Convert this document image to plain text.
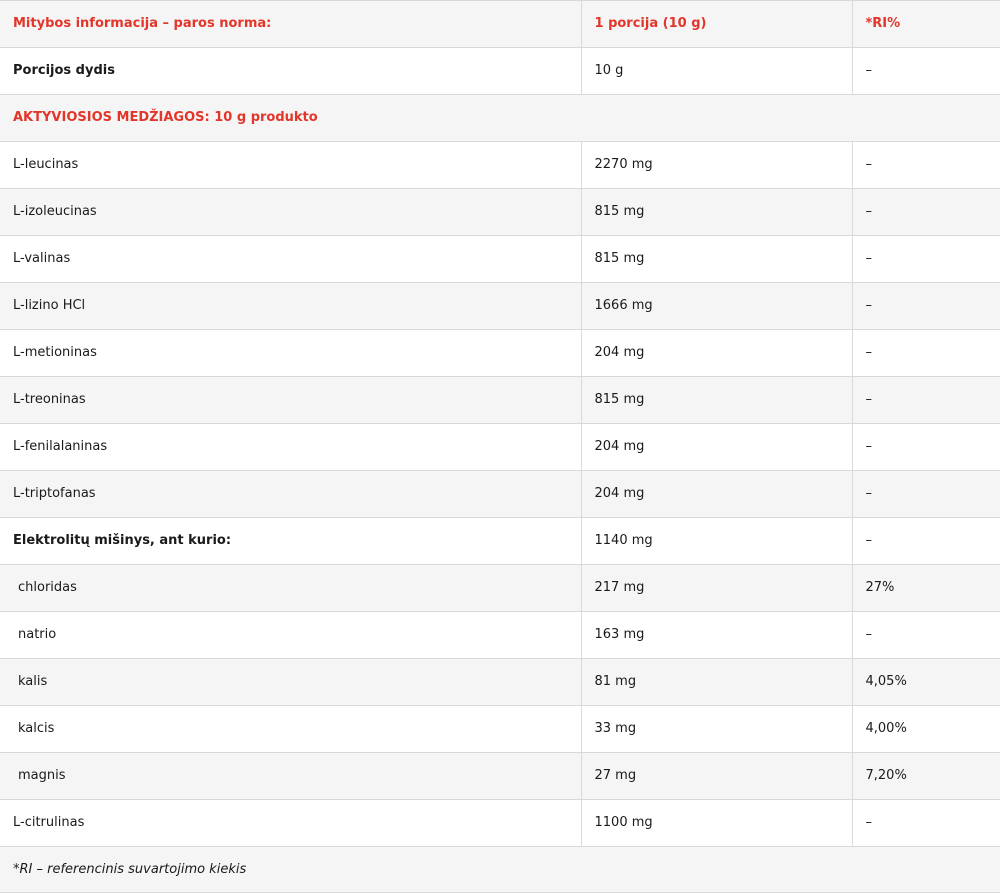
Mitybos informacija – paros norma:	1 porcija (10 g)	*RI%
Porcijos dydis	10 g	–
AKTYVIOSIOS MEDŽIAGOS: 10 g produkto		
L-leucinas	2270 mg	–
L-izoleucinas	815 mg	–
L-valinas	815 mg	–
L-lizino HCl	1666 mg	–
L-metioninas	204 mg	–
L-treoninas	815 mg	–
L-fenilalaninas	204 mg	–
L-triptofanas	204 mg	–
Elektrolitų mišinys, ant kurio:	1140 mg	–
chloridas	217 mg	27%
natrio	163 mg	–
kalis	81 mg	4,05%
kalcis	33 mg	4,00%
magnis	27 mg	7,20%
L-citrulinas	1100 mg	–
*RI – referencinis suvartojimo kiekis		
